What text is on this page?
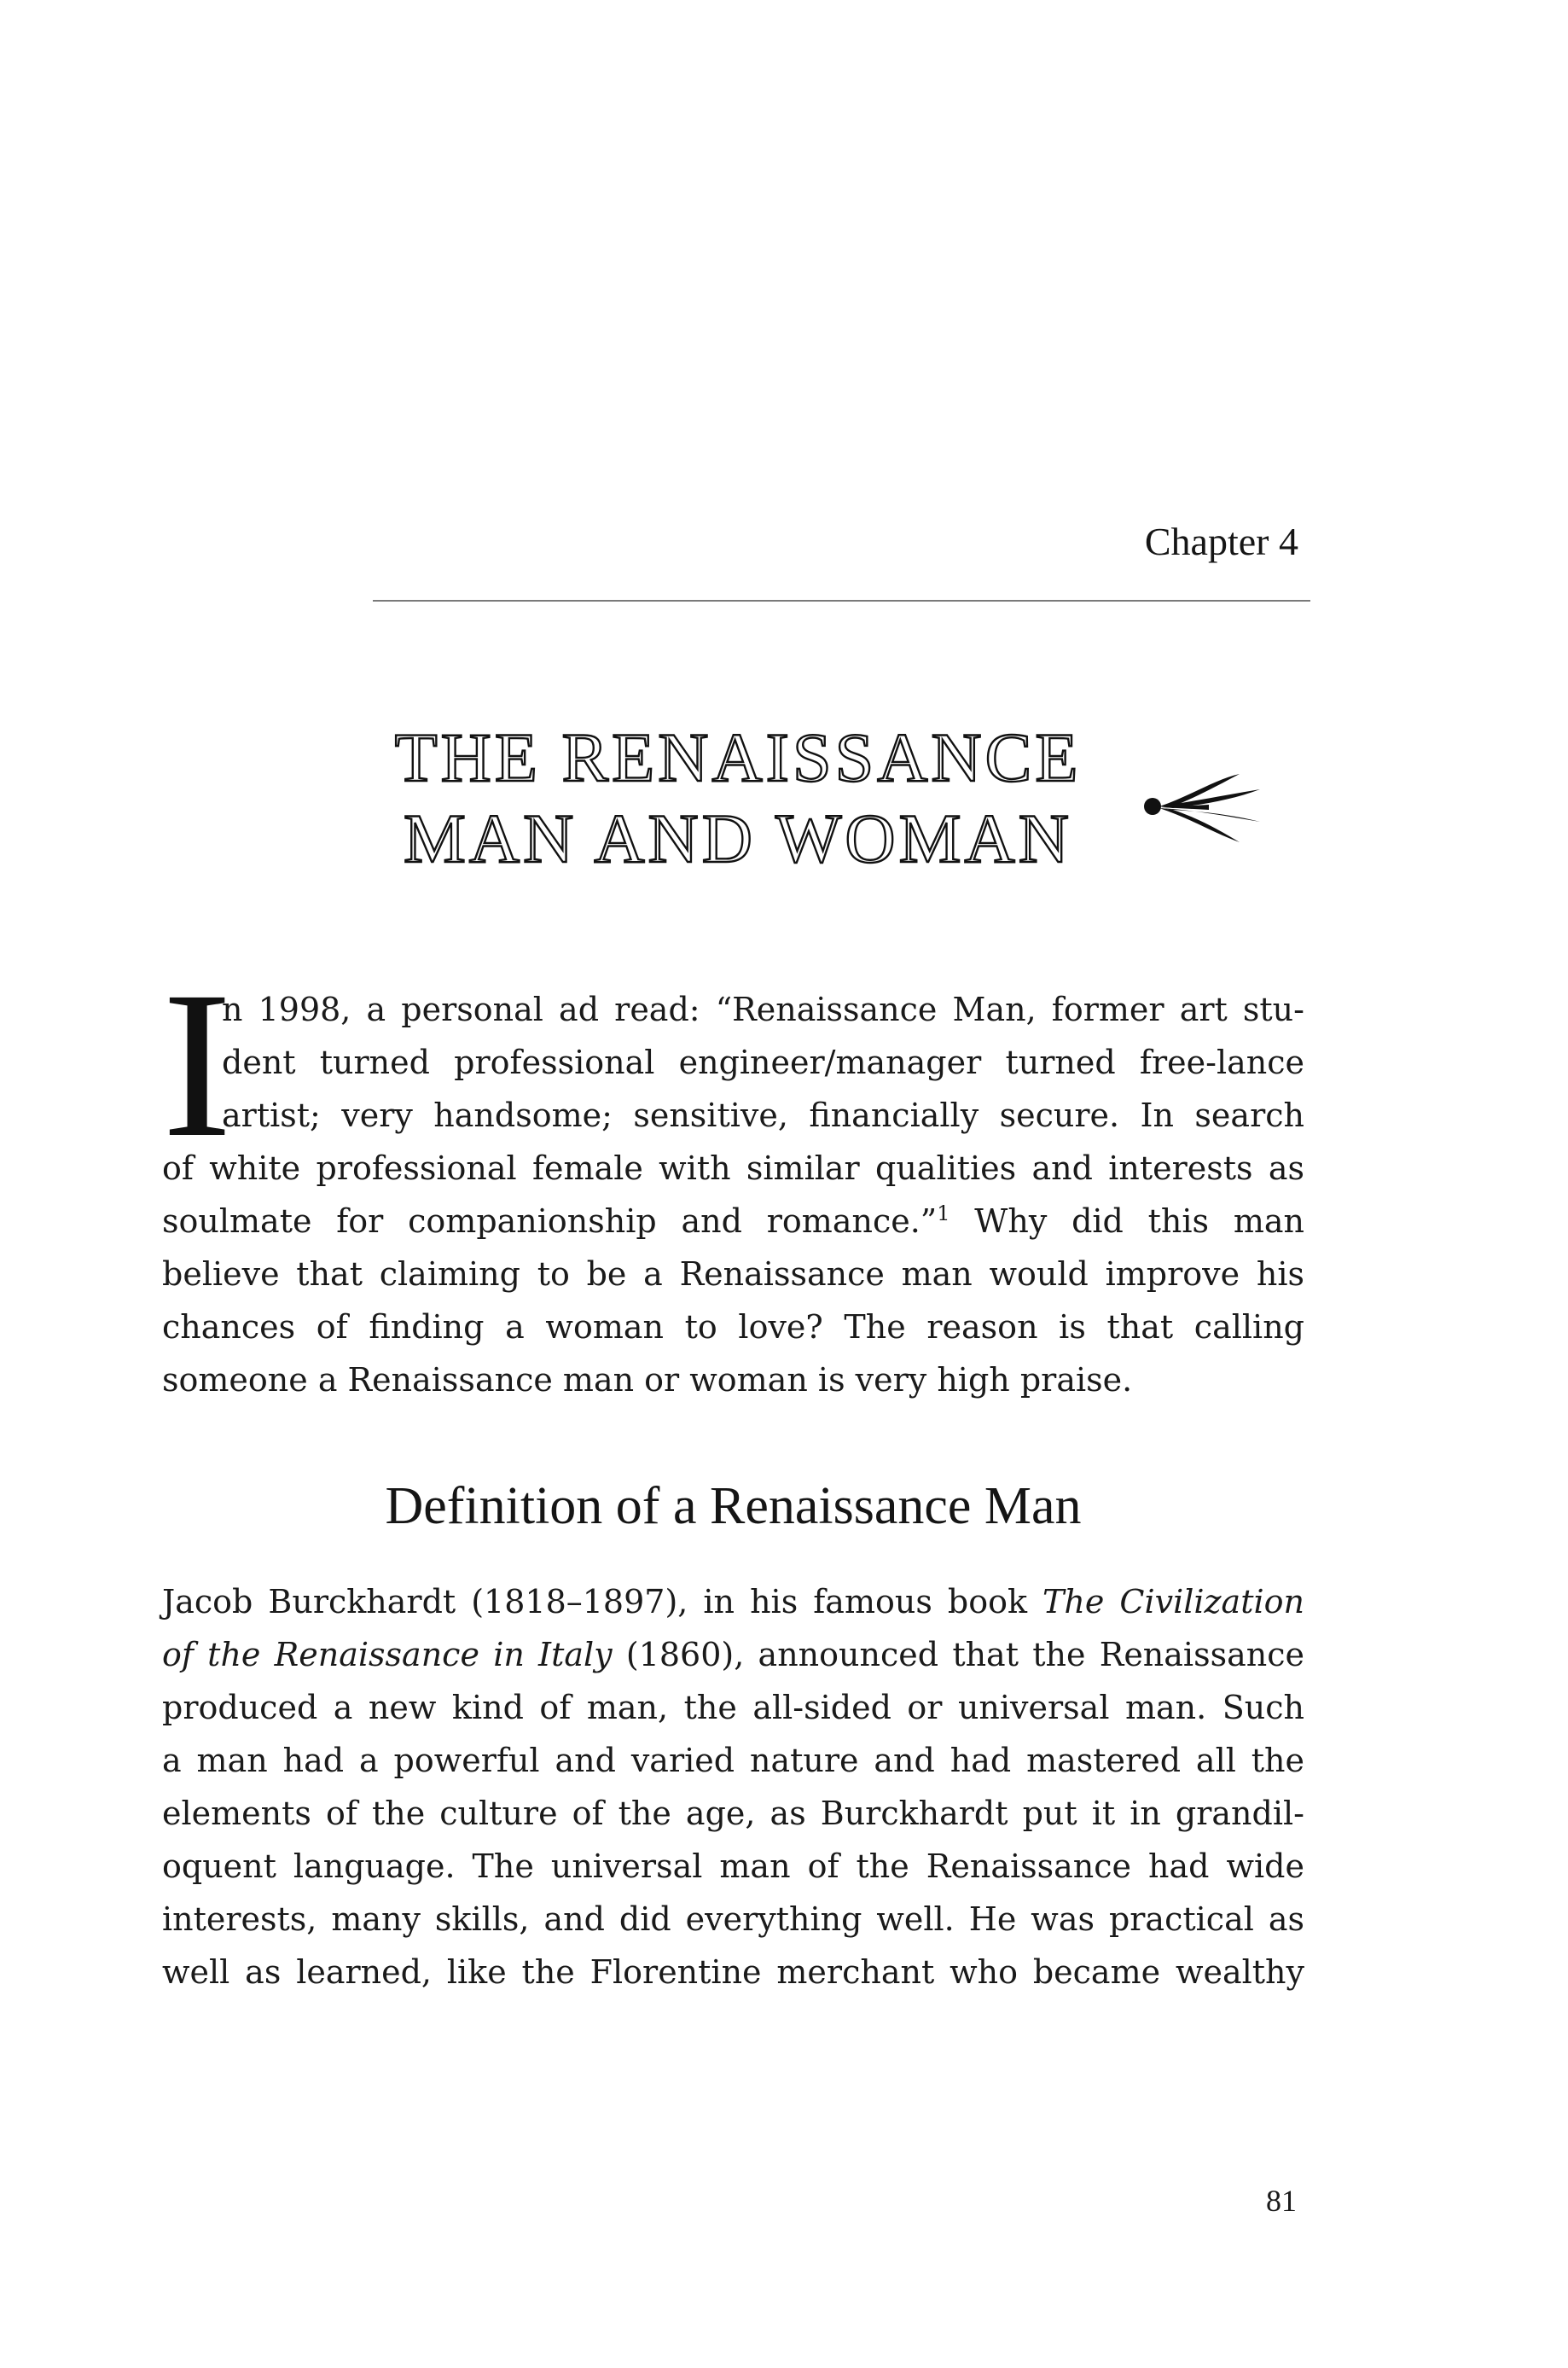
Chapter 4
THE RENAISSANCE
MAN AND WOMAN
I
n 1998, a personal ad read: “Renaissance Man, former art stu-
dent turned professional engineer/manager turned free-lance
artist; very handsome; sensitive, financially secure. In search
of white professional female with similar qualities and interests as
soulmate for companionship and romance.”$^1$ Why did this man
believe that claiming to be a Renaissance man would improve his
chances of finding a woman to love? The reason is that calling
someone a Renaissance man or woman is very high praise.
Definition of a Renaissance Man
Jacob Burckhardt (1818–1897), in his famous book The Civilization
of the Renaissance in Italy (1860), announced that the Renaissance
produced a new kind of man, the all-sided or universal man. Such
a man had a powerful and varied nature and had mastered all the
elements of the culture of the age, as Burckhardt put it in grandil-
oquent language. The universal man of the Renaissance had wide
interests, many skills, and did everything well. He was practical as
well as learned, like the Florentine merchant who became wealthy
81
